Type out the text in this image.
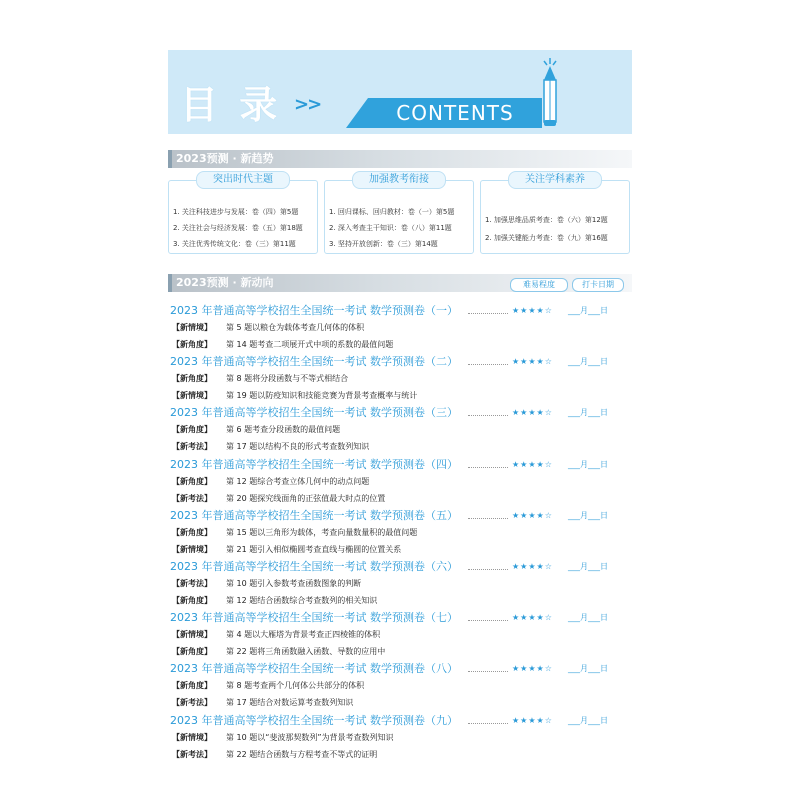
目 录 >>	CONTENTS
2023预测 · 新趋势
突出时代主题
1. 关注科技进步与发展：卷（四）第5题
2. 关注社会与经济发展：卷（五）第18题
3. 关注优秀传统文化：卷（三）第11题
加强教考衔接
1. 回归课标、回归教材：卷（一）第5题
2. 深入考查主干知识：卷（八）第11题
3. 坚持开放创新：卷（三）第14题
关注学科素养
1. 加强思维品质考查：卷（六）第12题
2. 加强关键能力考查：卷（九）第16题
2023预测 · 新动向	难易程度	打卡日期
2023 年普通高等学校招生全国统一考试 数学预测卷（一）	★★★★☆ ___月___日
【新情境】 第 5 题以粮仓为载体考查几何体的体积
【新角度】 第 14 题考查二项展开式中项的系数的最值问题
2023 年普通高等学校招生全国统一考试 数学预测卷（二）	★★★★☆ ___月___日
【新角度】 第 8 题将分段函数与不等式相结合
【新情境】 第 19 题以防疫知识和技能竞赛为背景考查概率与统计
2023 年普通高等学校招生全国统一考试 数学预测卷（三）	★★★★☆ ___月___日
【新角度】 第 6 题考查分段函数的最值问题
【新考法】 第 17 题以结构不良的形式考查数列知识
2023 年普通高等学校招生全国统一考试 数学预测卷（四）	★★★★☆ ___月___日
【新角度】 第 12 题综合考查立体几何中的动点问题
【新考法】 第 20 题探究线面角的正弦值最大时点的位置
2023 年普通高等学校招生全国统一考试 数学预测卷（五）	★★★★☆ ___月___日
【新角度】 第 15 题以三角形为载体，考查向量数量积的最值问题
【新情境】 第 21 题引入相似椭圆考查直线与椭圆的位置关系
2023 年普通高等学校招生全国统一考试 数学预测卷（六）	★★★★☆ ___月___日
【新考法】 第 10 题引入参数考查函数图象的判断
【新角度】 第 12 题结合函数综合考查数列的相关知识
2023 年普通高等学校招生全国统一考试 数学预测卷（七）	★★★★☆ ___月___日
【新情境】 第 4 题以大雁塔为背景考查正四棱锥的体积
【新角度】 第 22 题将三角函数融入函数、导数的应用中
2023 年普通高等学校招生全国统一考试 数学预测卷（八）	★★★★☆ ___月___日
【新角度】 第 8 题考查两个几何体公共部分的体积
【新考法】 第 17 题结合对数运算考查数列知识
2023 年普通高等学校招生全国统一考试 数学预测卷（九）	★★★★☆ ___月___日
【新情境】 第 10 题以“斐波那契数列”为背景考查数列知识
【新考法】 第 22 题结合函数与方程考查不等式的证明
